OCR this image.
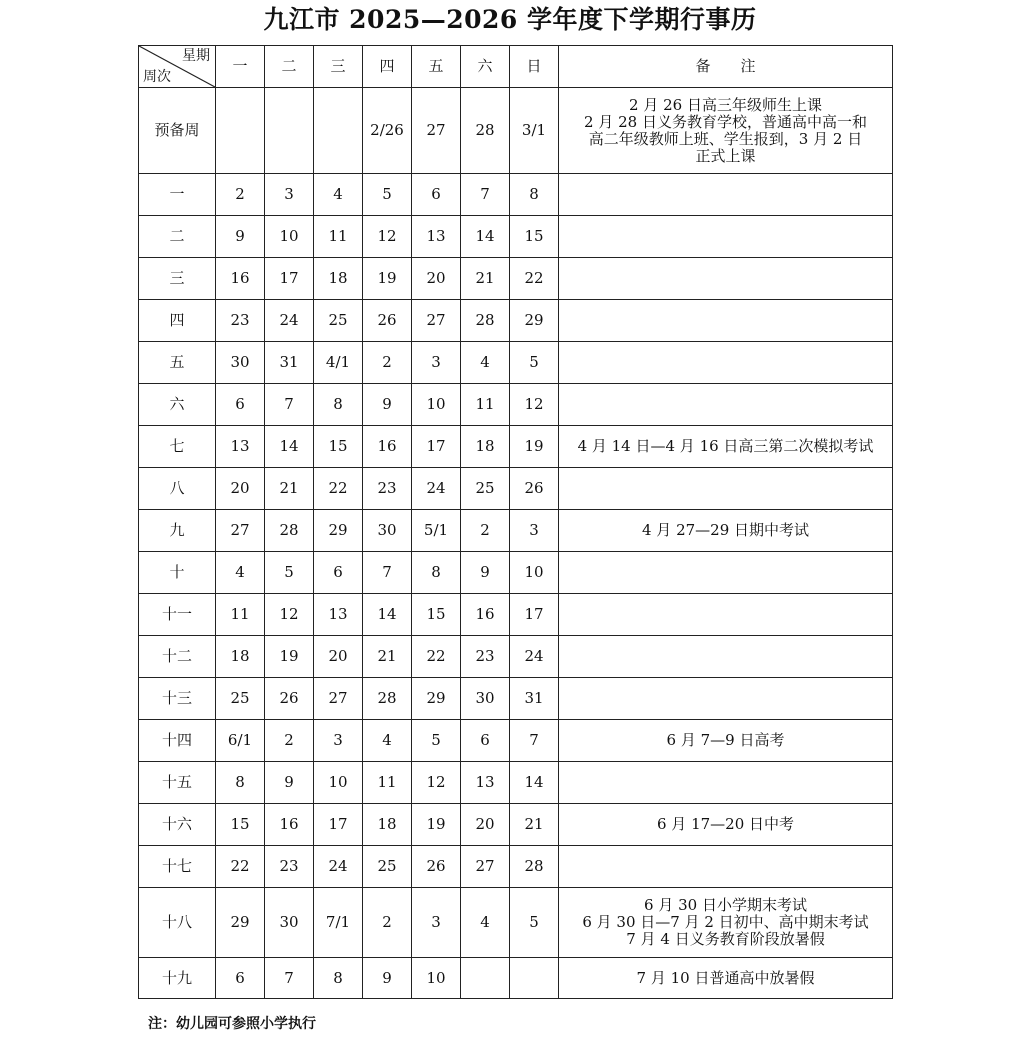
九江市 2025—2026 学年度下学期行事历
星期
周次	一	二	三	四	五	六	日	备　　注
预备周				2/26	27	28	3/1	2 月 26 日高三年级师生上课
2 月 28 日义务教育学校，普通高中高一和
高二年级教师上班、学生报到，3 月 2 日
正式上课

一	2	3	4	5	6	7	8	
二	9	10	11	12	13	14	15	
三	16	17	18	19	20	21	22	
四	23	24	25	26	27	28	29	
五	30	31	4/1	2	3	4	5	
六	6	7	8	9	10	11	12	
七	13	14	15	16	17	18	19	4 月 14 日—4 月 16 日高三第二次模拟考试

八	20	21	22	23	24	25	26	
九	27	28	29	30	5/1	2	3	4 月 27—29 日期中考试

十	4	5	6	7	8	9	10	
十一	11	12	13	14	15	16	17	
十二	18	19	20	21	22	23	24	
十三	25	26	27	28	29	30	31	
十四	6/1	2	3	4	5	6	7	6 月 7—9 日高考

十五	8	9	10	11	12	13	14	
十六	15	16	17	18	19	20	21	6 月 17—20 日中考

十七	22	23	24	25	26	27	28	
十八	29	30	7/1	2	3	4	5	6 月 30 日小学期末考试
6 月 30 日—7 月 2 日初中、高中期末考试
7 月 4 日义务教育阶段放暑假

十九	6	7	8	9	10			7 月 10 日普通高中放暑假
注：幼儿园可参照小学执行
